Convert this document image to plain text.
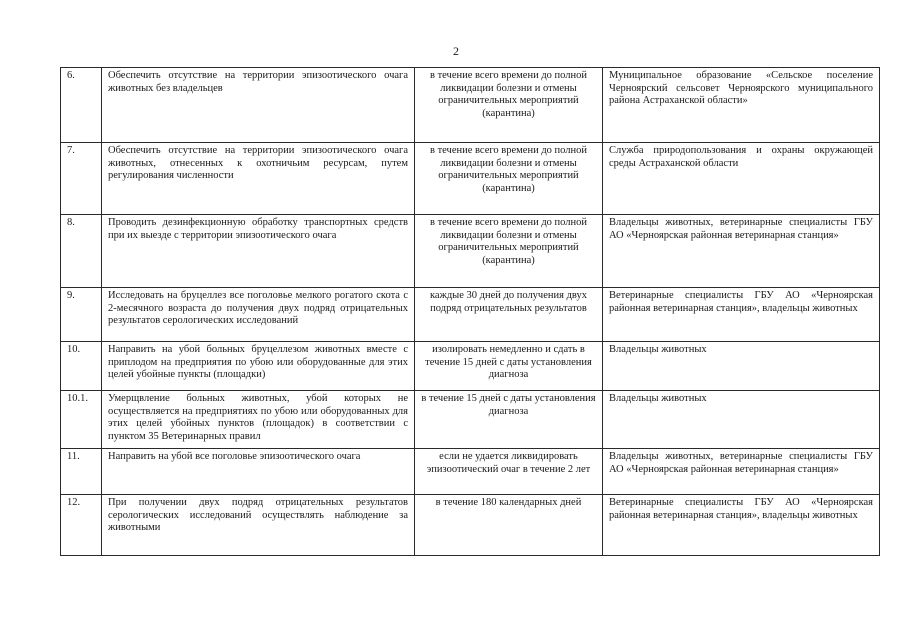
2
6.	Обеспечить отсутствие на территории эпизоотического очага животных без владельцев	в течение всего времени до полной ликвидации болезни и отмены ограничительных мероприятий (карантина)	Муниципальное образование «Сельское поселение Черноярский сельсовет Черноярского муниципального района Астраханской области»
7.	Обеспечить отсутствие на территории эпизоотического очага животных, отнесенных к охотничьим ресурсам, путем регулирования численности	в течение всего времени до полной ликвидации болезни и отмены ограничительных мероприятий (карантина)	Служба природопользования и охраны окружающей среды Астраханской области
8.	Проводить дезинфекционную обработку транспортных средств при их выезде с территории эпизоотического очага	в течение всего времени до полной ликвидации болезни и отмены ограничительных мероприятий (карантина)	Владельцы животных, ветеринарные специалисты ГБУ АО «Черноярская районная ветеринарная станция»
9.	Исследовать на бруцеллез все поголовье мелкого рогатого скота с 2-месячного возраста до получения двух подряд отрицательных результатов серологических исследований	каждые 30 дней до получения двух подряд отрицательных результатов	Ветеринарные специалисты ГБУ АО «Черноярская районная ветеринарная станция», владельцы животных
10.	Направить на убой больных бруцеллезом животных вместе с приплодом на предприятия по убою или оборудованные для этих целей убойные пункты (площадки)	изолировать немедленно и сдать в течение 15 дней с даты установления диагноза	Владельцы животных
10.1.	Умерщвление больных животных, убой которых не осуществляется на предприятиях по убою или оборудованных для этих целей убойных пунктов (площадок) в соответствии с пунктом 35 Ветеринарных правил	в течение 15 дней с даты установления диагноза	Владельцы животных
11.	Направить на убой все поголовье эпизоотического очага	если не удается ликвидировать эпизоотический очаг в течение 2 лет	Владельцы животных, ветеринарные специалисты ГБУ АО «Черноярская районная ветеринарная станция»
12.	При получении двух подряд отрицательных результатов серологических исследований осуществлять наблюдение за животными	в течение 180 календарных дней	Ветеринарные специалисты ГБУ АО «Черноярская районная ветеринарная станция», владельцы животных
